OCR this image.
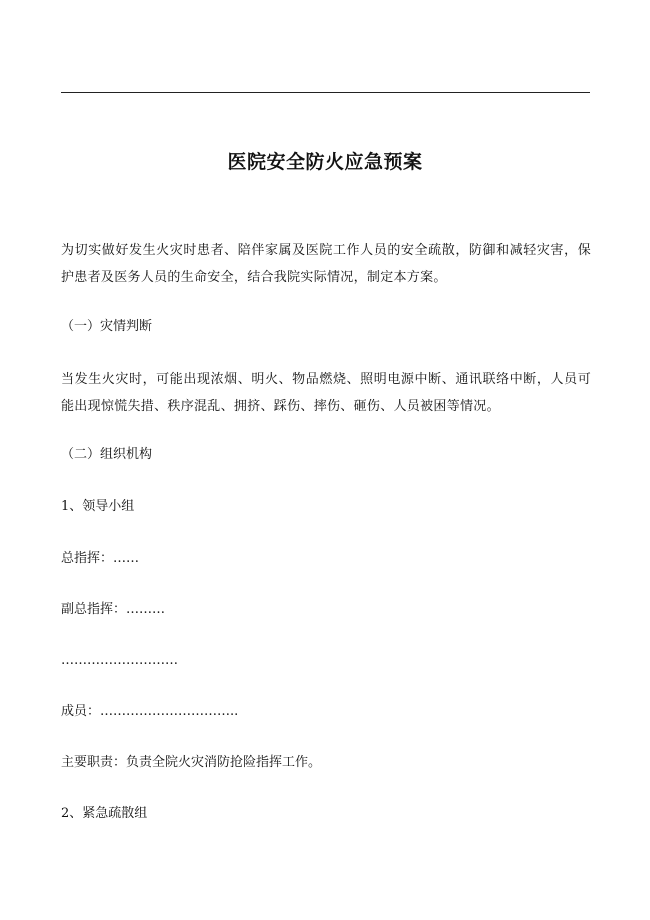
医院安全防火应急预案

为切实做好发生火灾时患者、陪伴家属及医院工作人员的安全疏散，防御和减轻灾害，保护患者及医务人员的生命安全，结合我院实际情况，制定本方案。

（一）灾情判断

当发生火灾时，可能出现浓烟、明火、物品燃烧、照明电源中断、通讯联络中断，人员可能出现惊慌失措、秩序混乱、拥挤、踩伤、摔伤、砸伤、人员被困等情况。

（二）组织机构

1、领导小组

总指挥：……

副总指挥：………

………………………

成员：…………………………..

主要职责：负责全院火灾消防抢险指挥工作。

2、紧急疏散组
